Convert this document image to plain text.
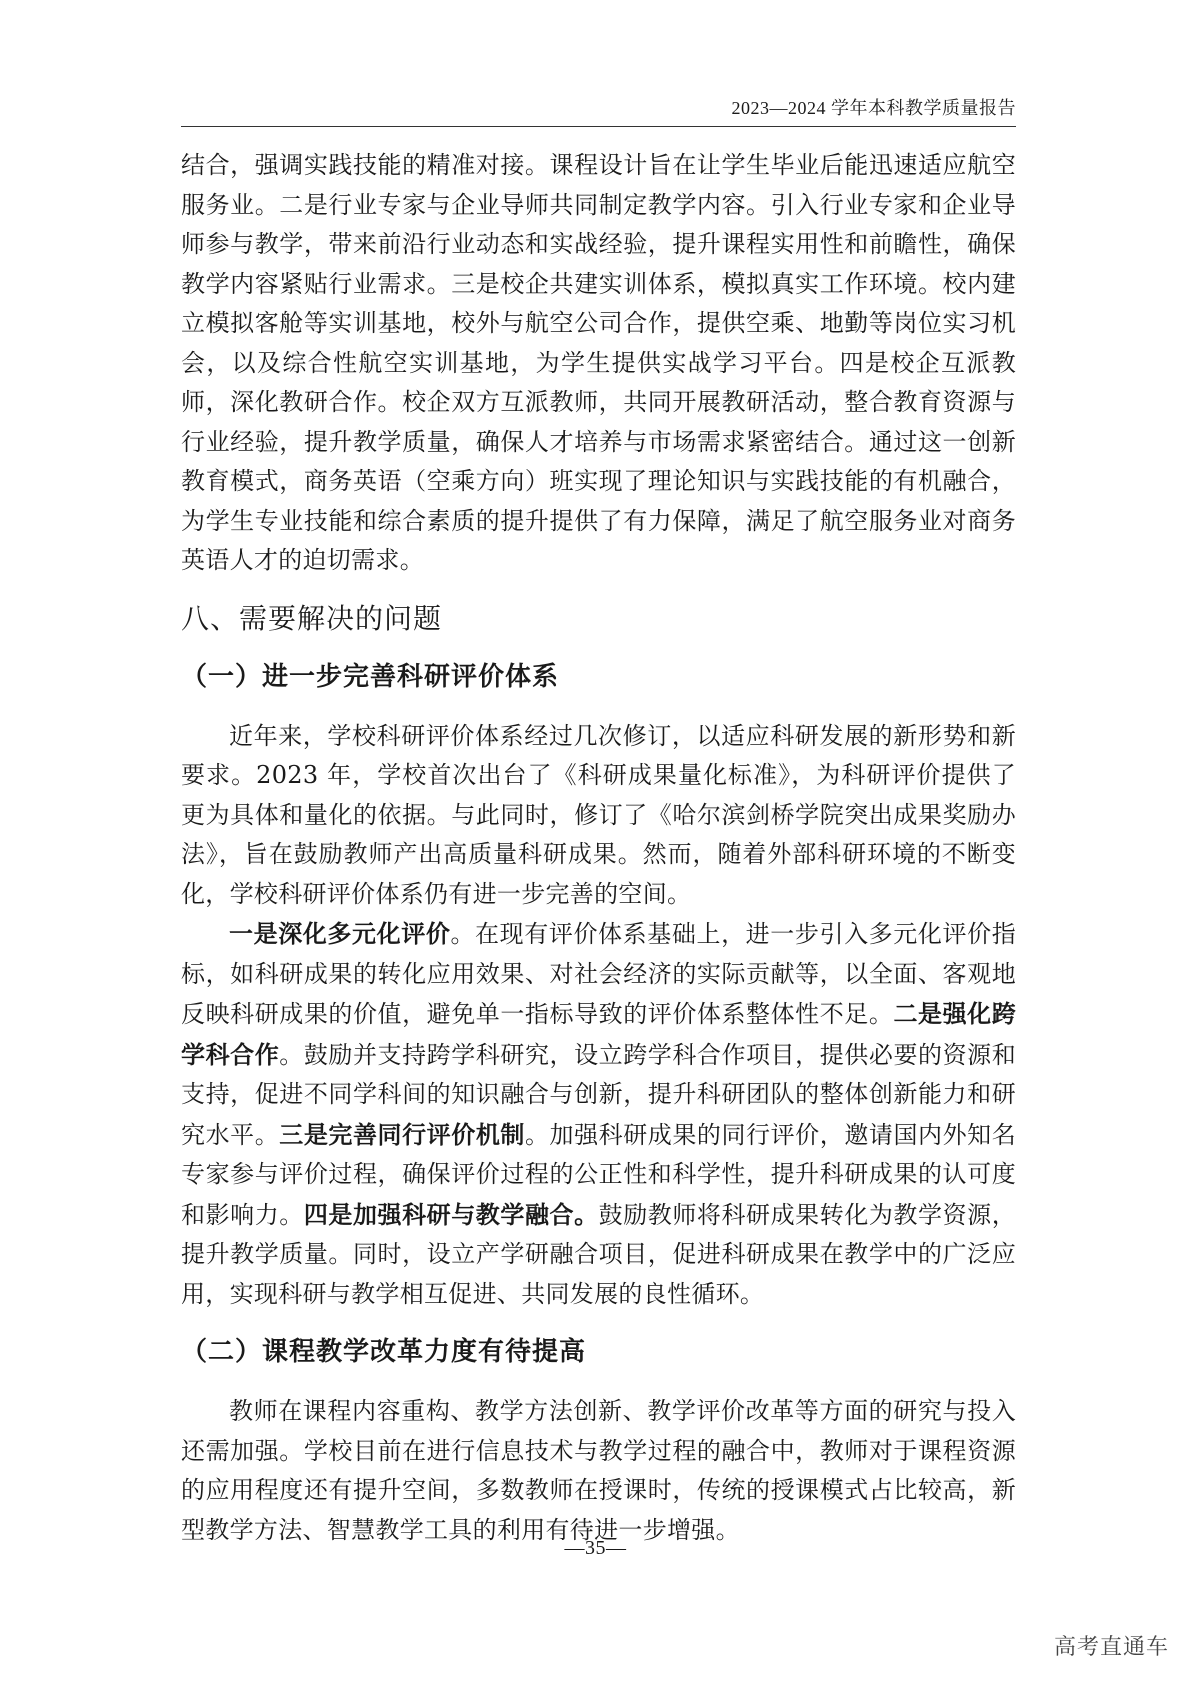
2023—2024 学年本科教学质量报告

结合，强调实践技能的精准对接。课程设计旨在让学生毕业后能迅速适应航空服务业。二是行业专家与企业导师共同制定教学内容。引入行业专家和企业导师参与教学，带来前沿行业动态和实战经验，提升课程实用性和前瞻性，确保教学内容紧贴行业需求。三是校企共建实训体系，模拟真实工作环境。校内建立模拟客舱等实训基地，校外与航空公司合作，提供空乘、地勤等岗位实习机会，以及综合性航空实训基地，为学生提供实战学习平台。四是校企互派教师，深化教研合作。校企双方互派教师，共同开展教研活动，整合教育资源与行业经验，提升教学质量，确保人才培养与市场需求紧密结合。通过这一创新教育模式，商务英语（空乘方向）班实现了理论知识与实践技能的有机融合，为学生专业技能和综合素质的提升提供了有力保障，满足了航空服务业对商务英语人才的迫切需求。

八、需要解决的问题
（一）进一步完善科研评价体系

近年来，学校科研评价体系经过几次修订，以适应科研发展的新形势和新要求。2023 年，学校首次出台了《科研成果量化标准》，为科研评价提供了更为具体和量化的依据。与此同时，修订了《哈尔滨剑桥学院突出成果奖励办法》，旨在鼓励教师产出高质量科研成果。然而，随着外部科研环境的不断变化，学校科研评价体系仍有进一步完善的空间。

一是深化多元化评价。在现有评价体系基础上，进一步引入多元化评价指标，如科研成果的转化应用效果、对社会经济的实际贡献等，以全面、客观地反映科研成果的价值，避免单一指标导致的评价体系整体性不足。二是强化跨学科合作。鼓励并支持跨学科研究，设立跨学科合作项目，提供必要的资源和支持，促进不同学科间的知识融合与创新，提升科研团队的整体创新能力和研究水平。三是完善同行评价机制。加强科研成果的同行评价，邀请国内外知名专家参与评价过程，确保评价过程的公正性和科学性，提升科研成果的认可度和影响力。四是加强科研与教学融合。鼓励教师将科研成果转化为教学资源，提升教学质量。同时，设立产学研融合项目，促进科研成果在教学中的广泛应用，实现科研与教学相互促进、共同发展的良性循环。

（二）课程教学改革力度有待提高

教师在课程内容重构、教学方法创新、教学评价改革等方面的研究与投入还需加强。学校目前在进行信息技术与教学过程的融合中，教师对于课程资源的应用程度还有提升空间，多数教师在授课时，传统的授课模式占比较高，新型教学方法、智慧教学工具的利用有待进一步增强。

—35—
高考直通车
